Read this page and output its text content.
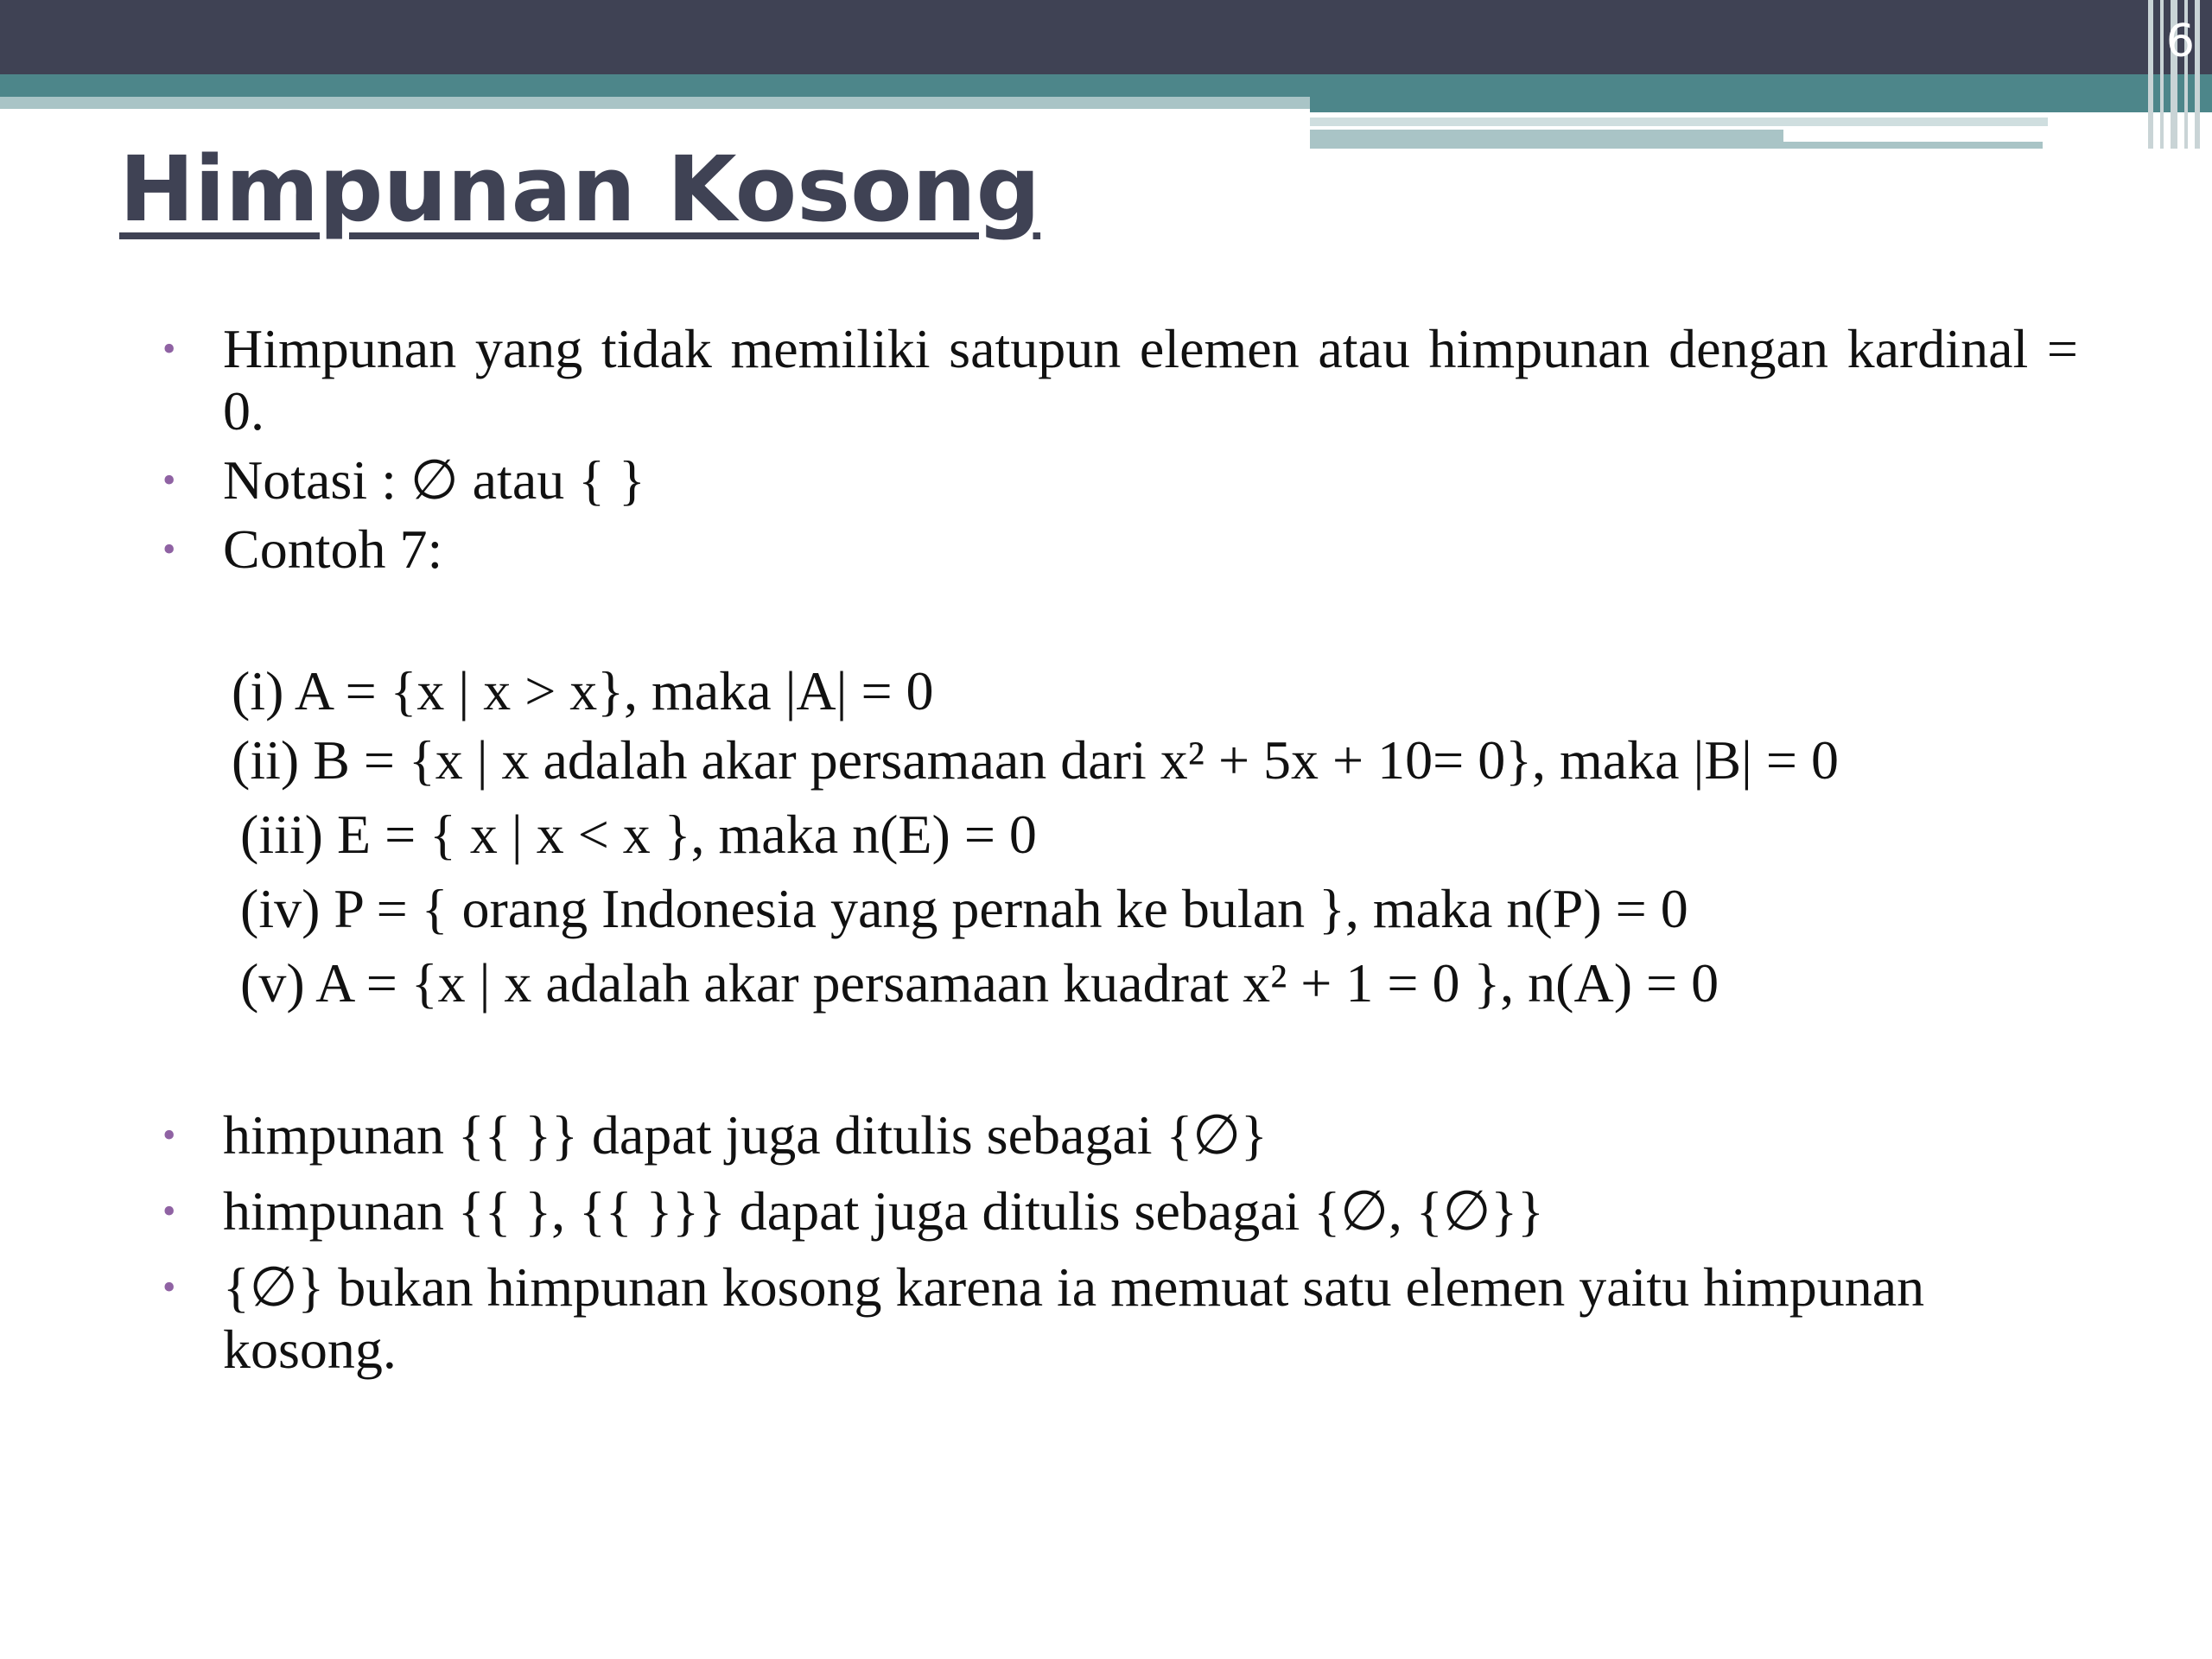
6
Himpunan Kosong
• Himpunan yang tidak memiliki satupun elemen atau himpunan dengan kardinal = 0.
• Notasi : ∅ atau { }
• Contoh 7:
(i) A = {x | x > x}, maka |A| = 0
(ii) B = {x | x adalah akar persamaan dari x² + 5x + 10= 0}, maka |B| = 0
(iii) E = { x | x < x }, maka n(E) = 0
(iv) P = { orang Indonesia yang pernah ke bulan }, maka n(P) = 0
(v) A = {x | x adalah akar persamaan kuadrat x² + 1 = 0 }, n(A) = 0
• himpunan {{ }} dapat juga ditulis sebagai {∅}
• himpunan {{ }, {{ }}} dapat juga ditulis sebagai {∅, {∅}}
• {∅} bukan himpunan kosong karena ia memuat satu elemen yaitu himpunan kosong.
